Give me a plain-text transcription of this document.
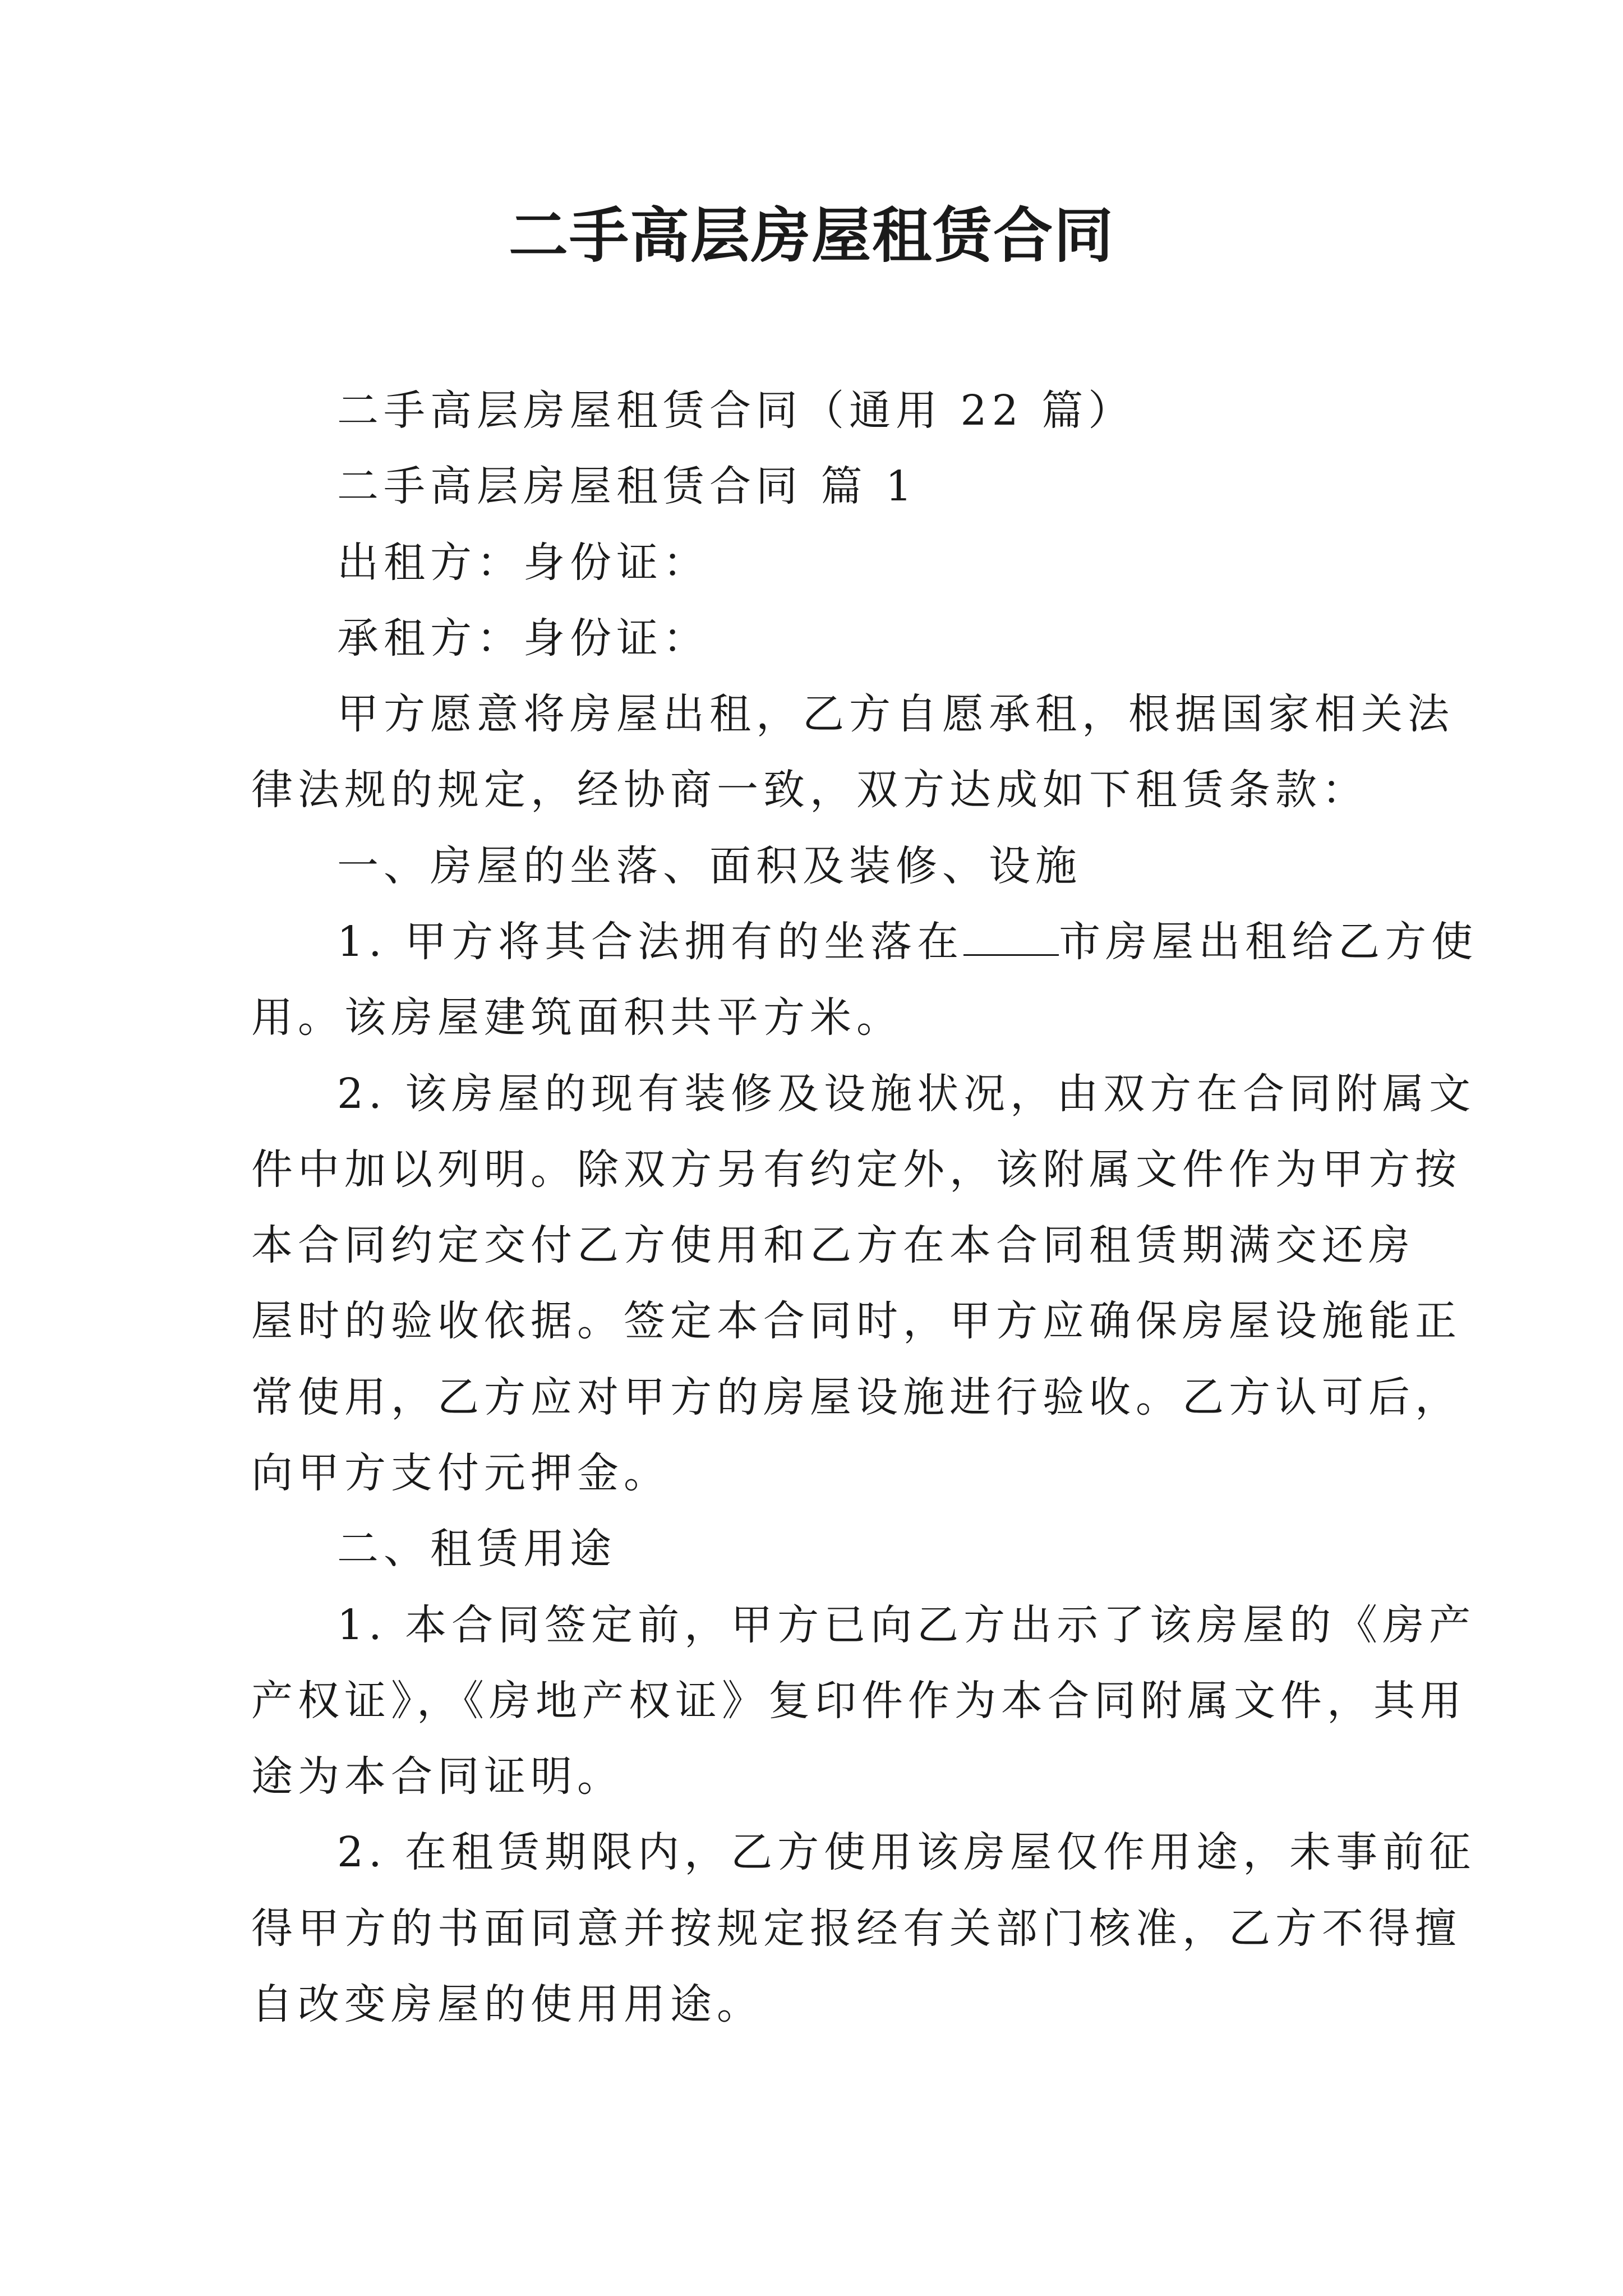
二手高层房屋租赁合同
二手高层房屋租赁合同（通用 22 篇）
二手高层房屋租赁合同 篇 1
出租方：身份证：
承租方：身份证：
甲方愿意将房屋出租，乙方自愿承租，根据国家相关法
律法规的规定，经协商一致，双方达成如下租赁条款：
一、房屋的坐落、面积及装修、设施
1. 甲方将其合法拥有的坐落在 市房屋出租给乙方使
用。该房屋建筑面积共平方米。
2. 该房屋的现有装修及设施状况，由双方在合同附属文
件中加以列明。除双方另有约定外，该附属文件作为甲方按
本合同约定交付乙方使用和乙方在本合同租赁期满交还房
屋时的验收依据。签定本合同时，甲方应确保房屋设施能正
常使用，乙方应对甲方的房屋设施进行验收。乙方认可后，
向甲方支付元押金。
二、租赁用途
1. 本合同签定前，甲方已向乙方出示了该房屋的《房产
产权证》，《房地产权证》复印件作为本合同附属文件，其用
途为本合同证明。
2. 在租赁期限内，乙方使用该房屋仅作用途，未事前征
得甲方的书面同意并按规定报经有关部门核准，乙方不得擅
自改变房屋的使用用途。
